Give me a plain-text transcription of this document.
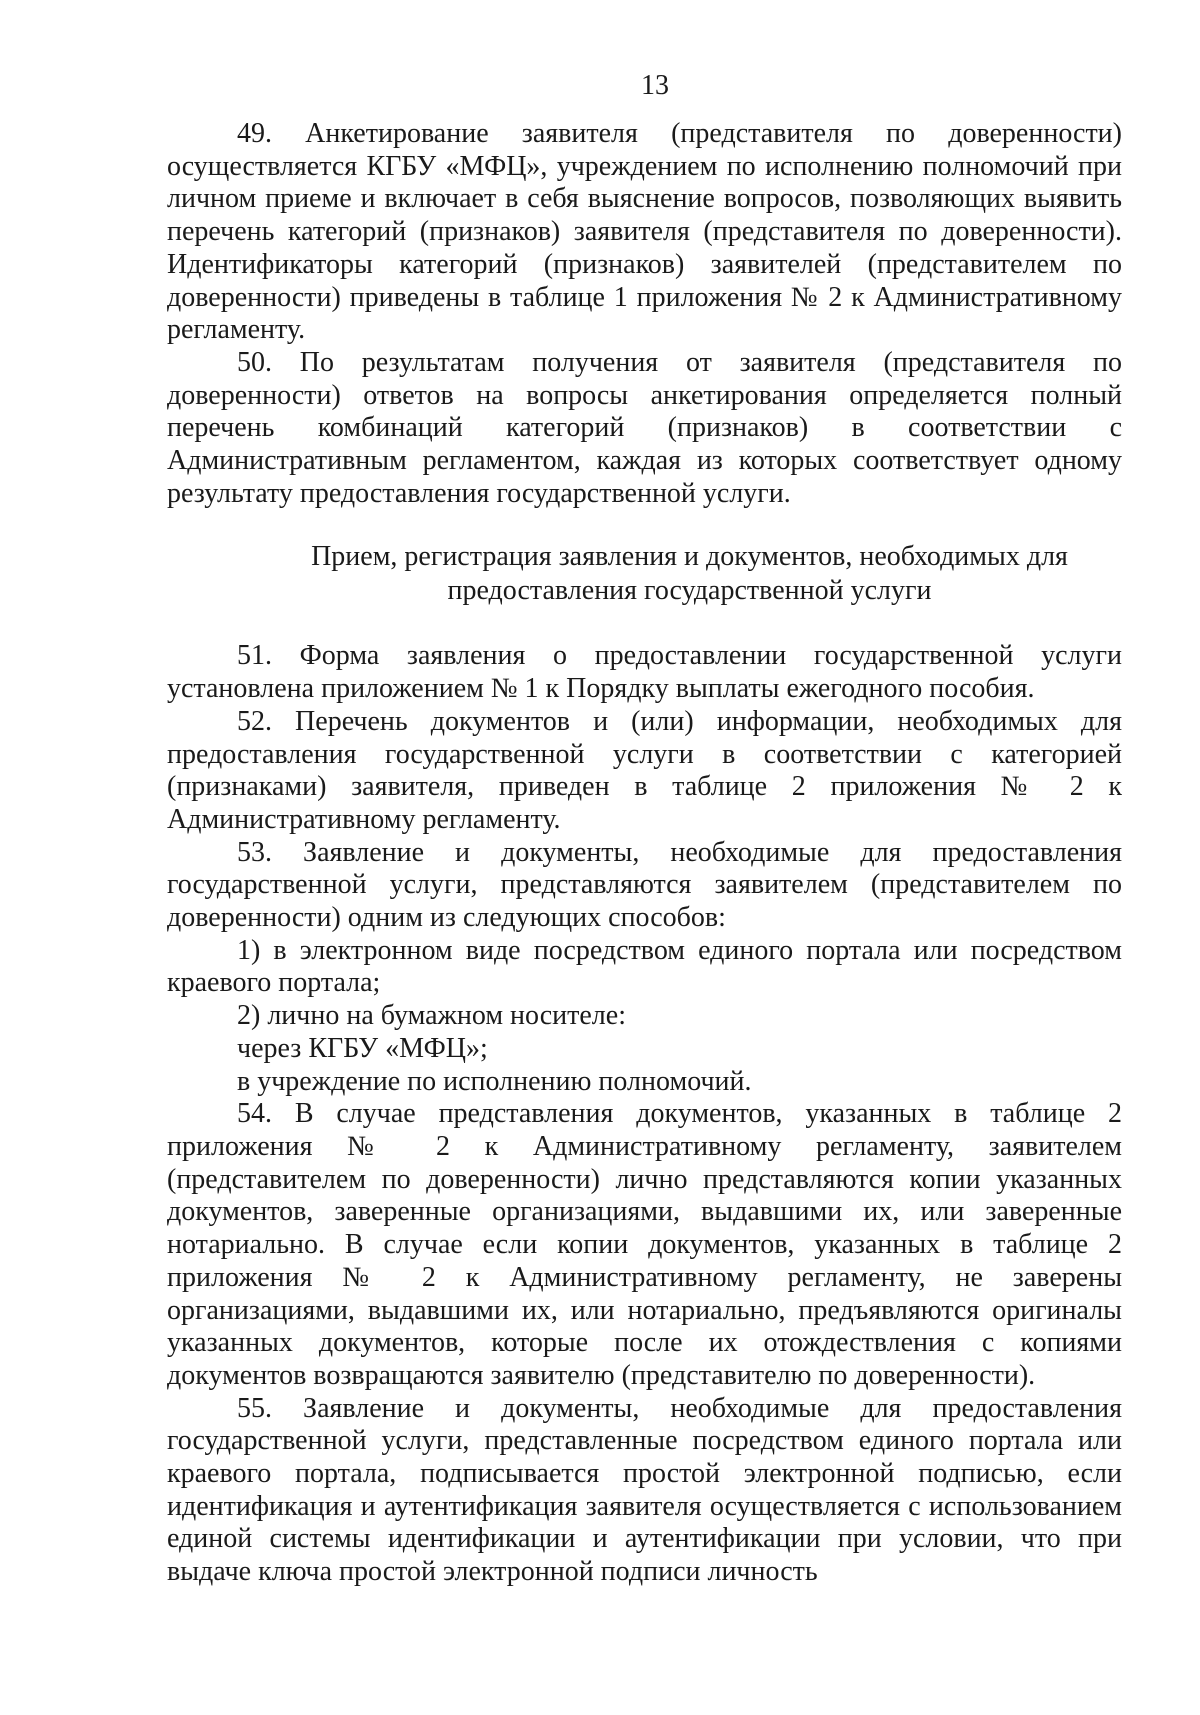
13

49. Анкетирование заявителя (представителя по доверенности) осуществляется КГБУ «МФЦ», учреждением по исполнению полномочий при личном приеме и включает в себя выяснение вопросов, позволяющих выявить перечень категорий (признаков) заявителя (представителя по доверенности). Идентификаторы категорий (признаков) заявителей (представителем по доверенности) приведены в таблице 1 приложения № 2 к Административному регламенту.

50. По результатам получения от заявителя (представителя по доверенности) ответов на вопросы анкетирования определяется полный перечень комбинаций категорий (признаков) в соответствии с Административным регламентом, каждая из которых соответствует одному результату предоставления государственной услуги.

Прием, регистрация заявления и документов, необходимых для
предоставления государственной услуги

51. Форма заявления о предоставлении государственной услуги установлена приложением № 1 к Порядку выплаты ежегодного пособия.

52. Перечень документов и (или) информации, необходимых для предоставления государственной услуги в соответствии с категорией (признаками) заявителя, приведен в таблице 2 приложения № 2 к Административному регламенту.

53. Заявление и документы, необходимые для предоставления государственной услуги, представляются заявителем (представителем по доверенности) одним из следующих способов:

1) в электронном виде посредством единого портала или посредством краевого портала;

2) лично на бумажном носителе:

через КГБУ «МФЦ»;

в учреждение по исполнению полномочий.

54. В случае представления документов, указанных в таблице 2 приложения № 2 к Административному регламенту, заявителем (представителем по доверенности) лично представляются копии указанных документов, заверенные организациями, выдавшими их, или заверенные нотариально. В случае если копии документов, указанных в таблице 2 приложения № 2 к Административному регламенту, не заверены организациями, выдавшими их, или нотариально, предъявляются оригиналы указанных документов, которые после их отождествления с копиями документов возвращаются заявителю (представителю по доверенности).

55. Заявление и документы, необходимые для предоставления государственной услуги, представленные посредством единого портала или краевого портала, подписывается простой электронной подписью, если идентификация и аутентификация заявителя осуществляется с использованием единой системы идентификации и аутентификации при условии, что при выдаче ключа простой электронной подписи личность
